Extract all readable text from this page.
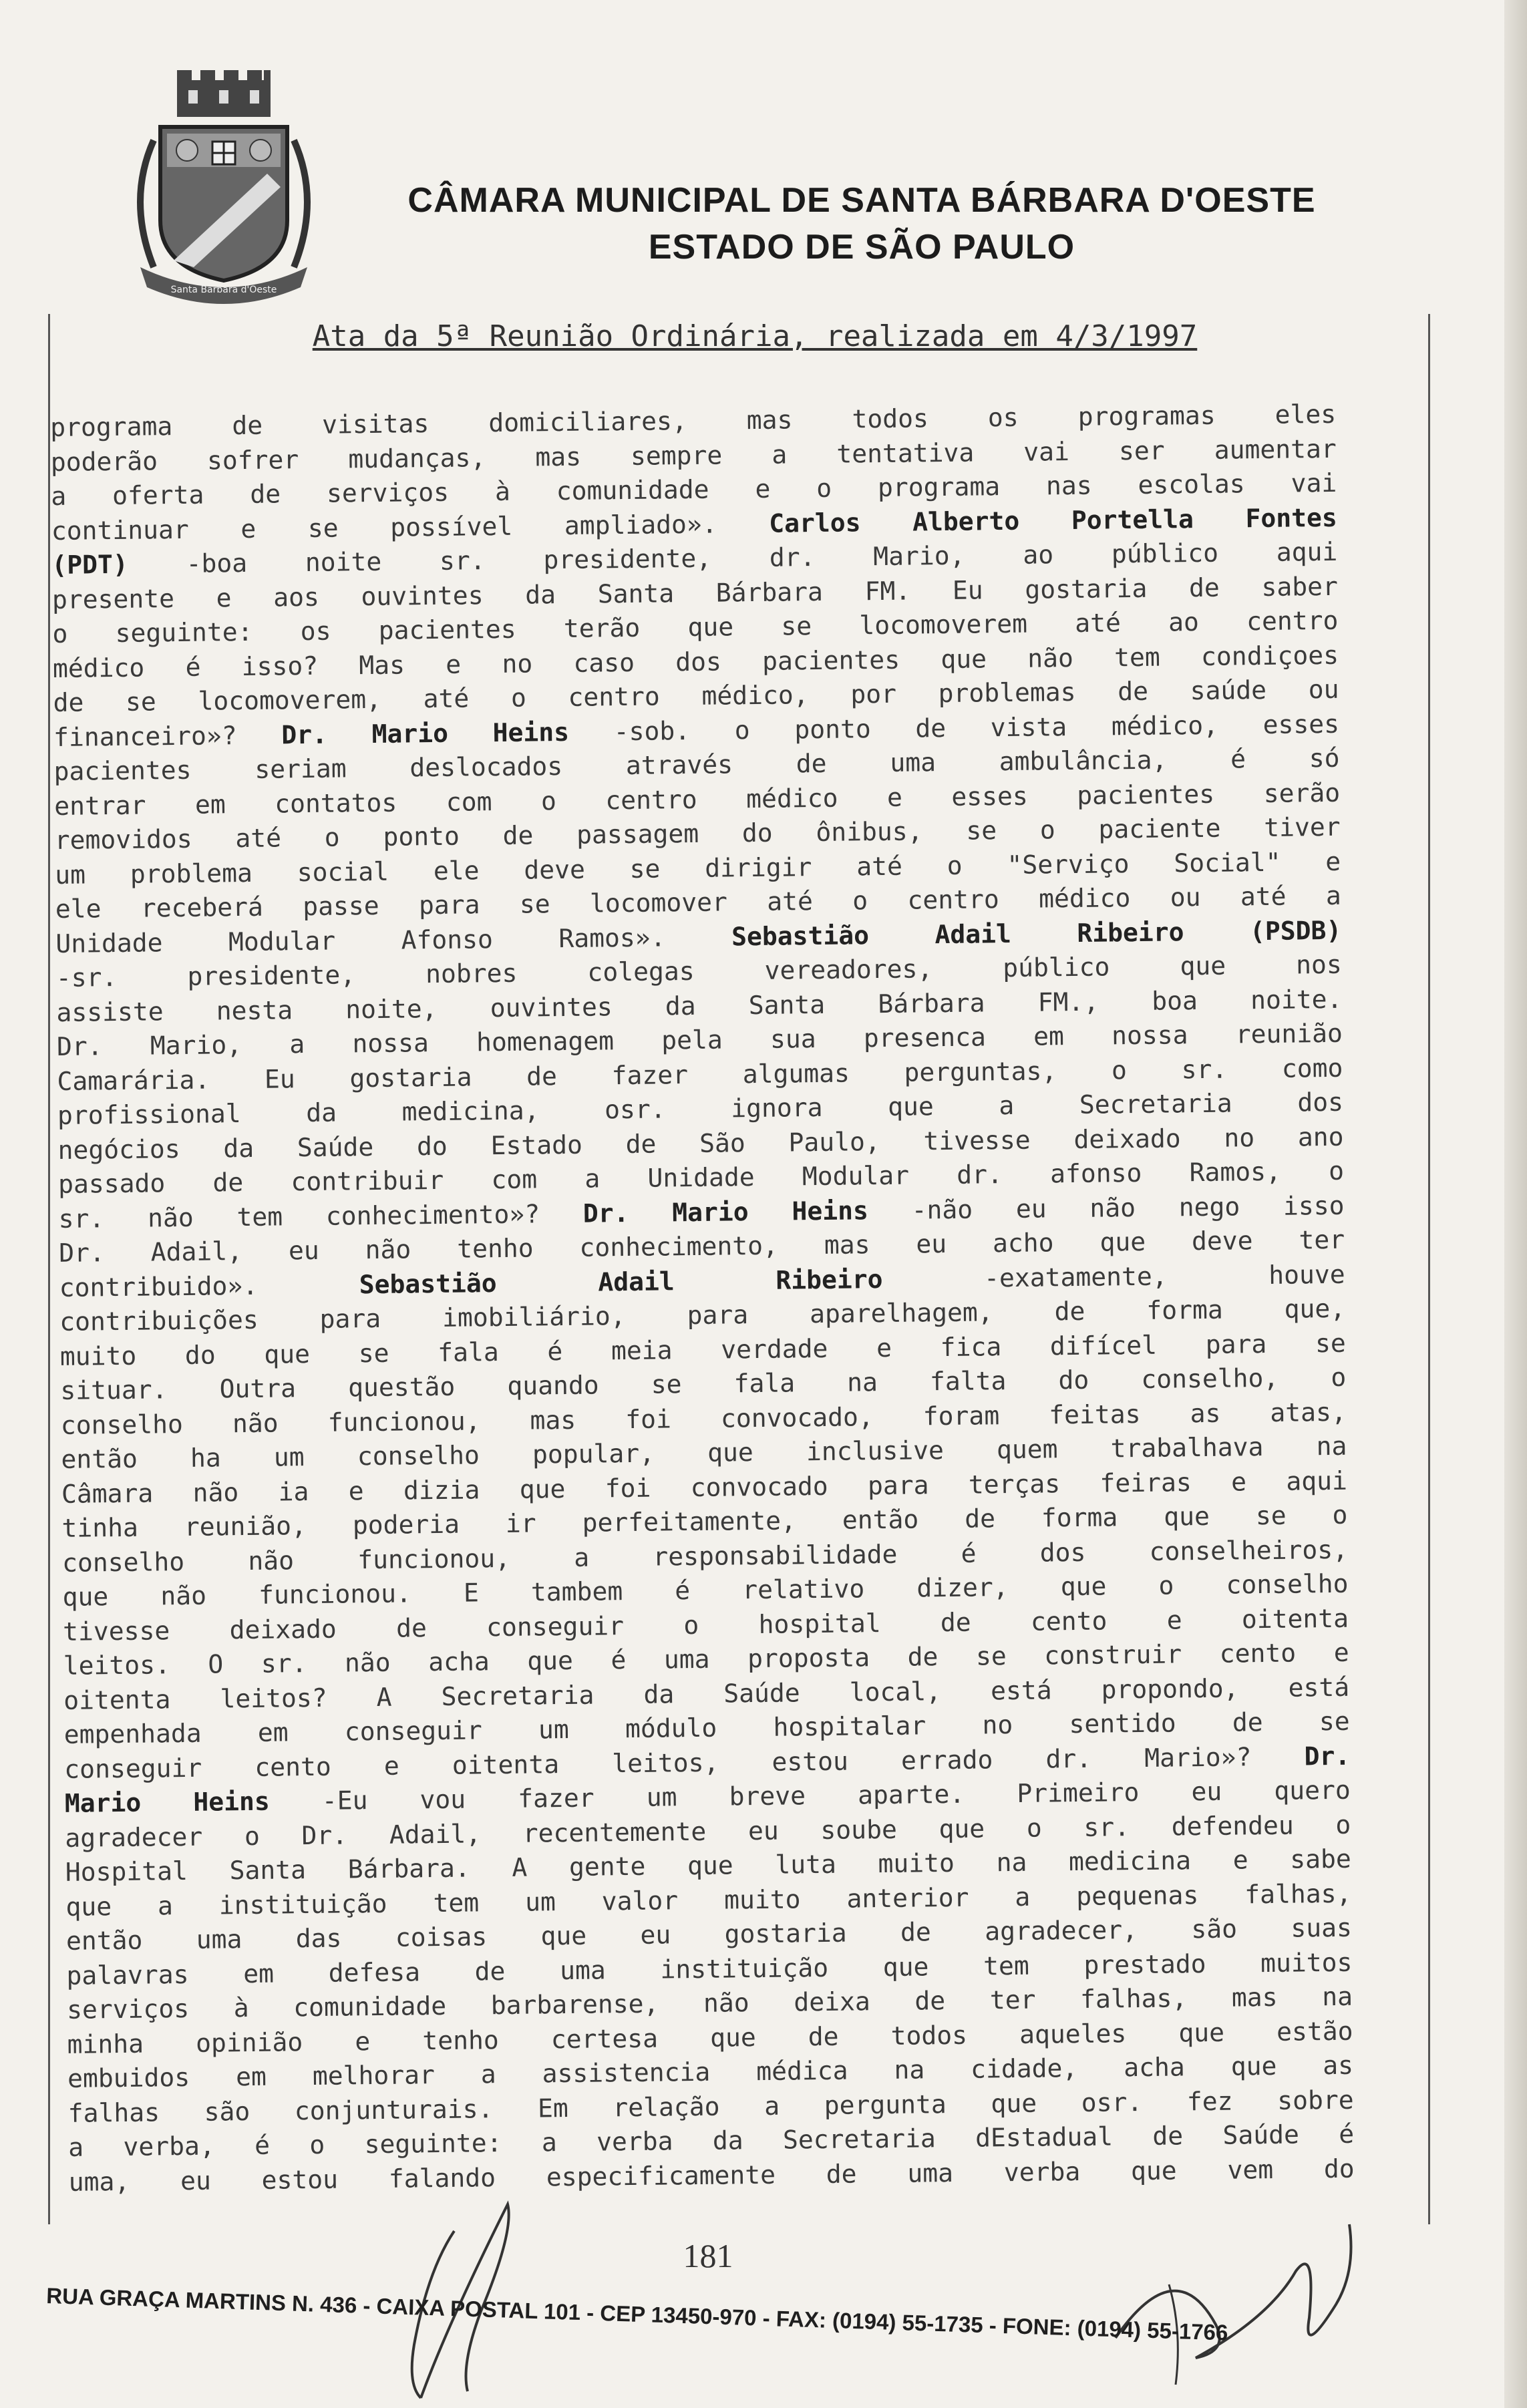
Santa Bárbara d'Oeste
CÂMARA MUNICIPAL DE SANTA BÁRBARA D'OESTE
ESTADO DE SÃO PAULO
Ata da 5ª Reunião Ordinária, realizada em 4/3/1997
programa de visitas domiciliares, mas todos os programas eles
poderão sofrer mudanças, mas sempre a tentativa vai ser aumentar
a oferta de serviços à comunidade e o programa nas escolas vai
continuar e se possível ampliado». Carlos Alberto Portella Fontes
(PDT) -boa noite sr. presidente, dr. Mario, ao público aqui
presente e aos ouvintes da Santa Bárbara FM. Eu gostaria de saber
o seguinte: os pacientes terão que se locomoverem até ao centro
médico é isso? Mas e no caso dos pacientes que não tem condiçoes
de se locomoverem, até o centro médico, por problemas de saúde ou
financeiro»? Dr. Mario Heins -sob. o ponto de vista médico, esses
pacientes seriam deslocados através de uma ambulância, é só
entrar em contatos com o centro médico e esses pacientes serão
removidos até o ponto de passagem do ônibus, se o paciente tiver
um problema social ele deve se dirigir até o "Serviço Social" e
ele receberá passe para se locomover até o centro médico ou até a
Unidade Modular Afonso Ramos». Sebastião Adail Ribeiro (PSDB)
-sr. presidente, nobres colegas vereadores, público que nos
assiste nesta noite, ouvintes da Santa Bárbara FM., boa noite.
Dr. Mario, a nossa homenagem pela sua presenca em nossa reunião
Camarária. Eu gostaria de fazer algumas perguntas, o sr. como
profissional da medicina, osr. ignora que a Secretaria dos
negócios da Saúde do Estado de São Paulo, tivesse deixado no ano
passado de contribuir com a Unidade Modular dr. afonso Ramos, o
sr. não tem conhecimento»? Dr. Mario Heins -não eu não nego isso
Dr. Adail, eu não tenho conhecimento, mas eu acho que deve ter
contribuido». Sebastião Adail Ribeiro -exatamente, houve
contribuições para imobiliário, para aparelhagem, de forma que,
muito do que se fala é meia verdade e fica difícel para se
situar. Outra questão quando se fala na falta do conselho, o
conselho não funcionou, mas foi convocado, foram feitas as atas,
então ha um conselho popular, que inclusive quem trabalhava na
Câmara não ia e dizia que foi convocado para terças feiras e aqui
tinha reunião, poderia ir perfeitamente, então de forma que se o
conselho não funcionou, a responsabilidade é dos conselheiros,
que não funcionou. E tambem é relativo dizer, que o conselho
tivesse deixado de conseguir o hospital de cento e oitenta
leitos. O sr. não acha que é uma proposta de se construir cento e
oitenta leitos? A Secretaria da Saúde local, está propondo, está
empenhada em conseguir um módulo hospitalar no sentido de se
conseguir cento e oitenta leitos, estou errado dr. Mario»? Dr.
Mario Heins -Eu vou fazer um breve aparte. Primeiro eu quero
agradecer o Dr. Adail, recentemente eu soube que o sr. defendeu o
Hospital Santa Bárbara. A gente que luta muito na medicina e sabe
que a instituição tem um valor muito anterior a pequenas falhas,
então uma das coisas que eu gostaria de agradecer, são suas
palavras em defesa de uma instituição que tem prestado muitos
serviços à comunidade barbarense, não deixa de ter falhas, mas na
minha opinião e tenho certesa que de todos aqueles que estão
embuidos em melhorar a assistencia médica na cidade, acha que as
falhas são conjunturais. Em relação a pergunta que osr. fez sobre
a verba, é o seguinte: a verba da Secretaria dEstadual de Saúde é
uma, eu estou falando especificamente de uma verba que vem do
181
RUA GRAÇA MARTINS N. 436 - CAIXA POSTAL 101 - CEP 13450-970 - FAX: (0194) 55-1735 - FONE: (0194) 55-1766
